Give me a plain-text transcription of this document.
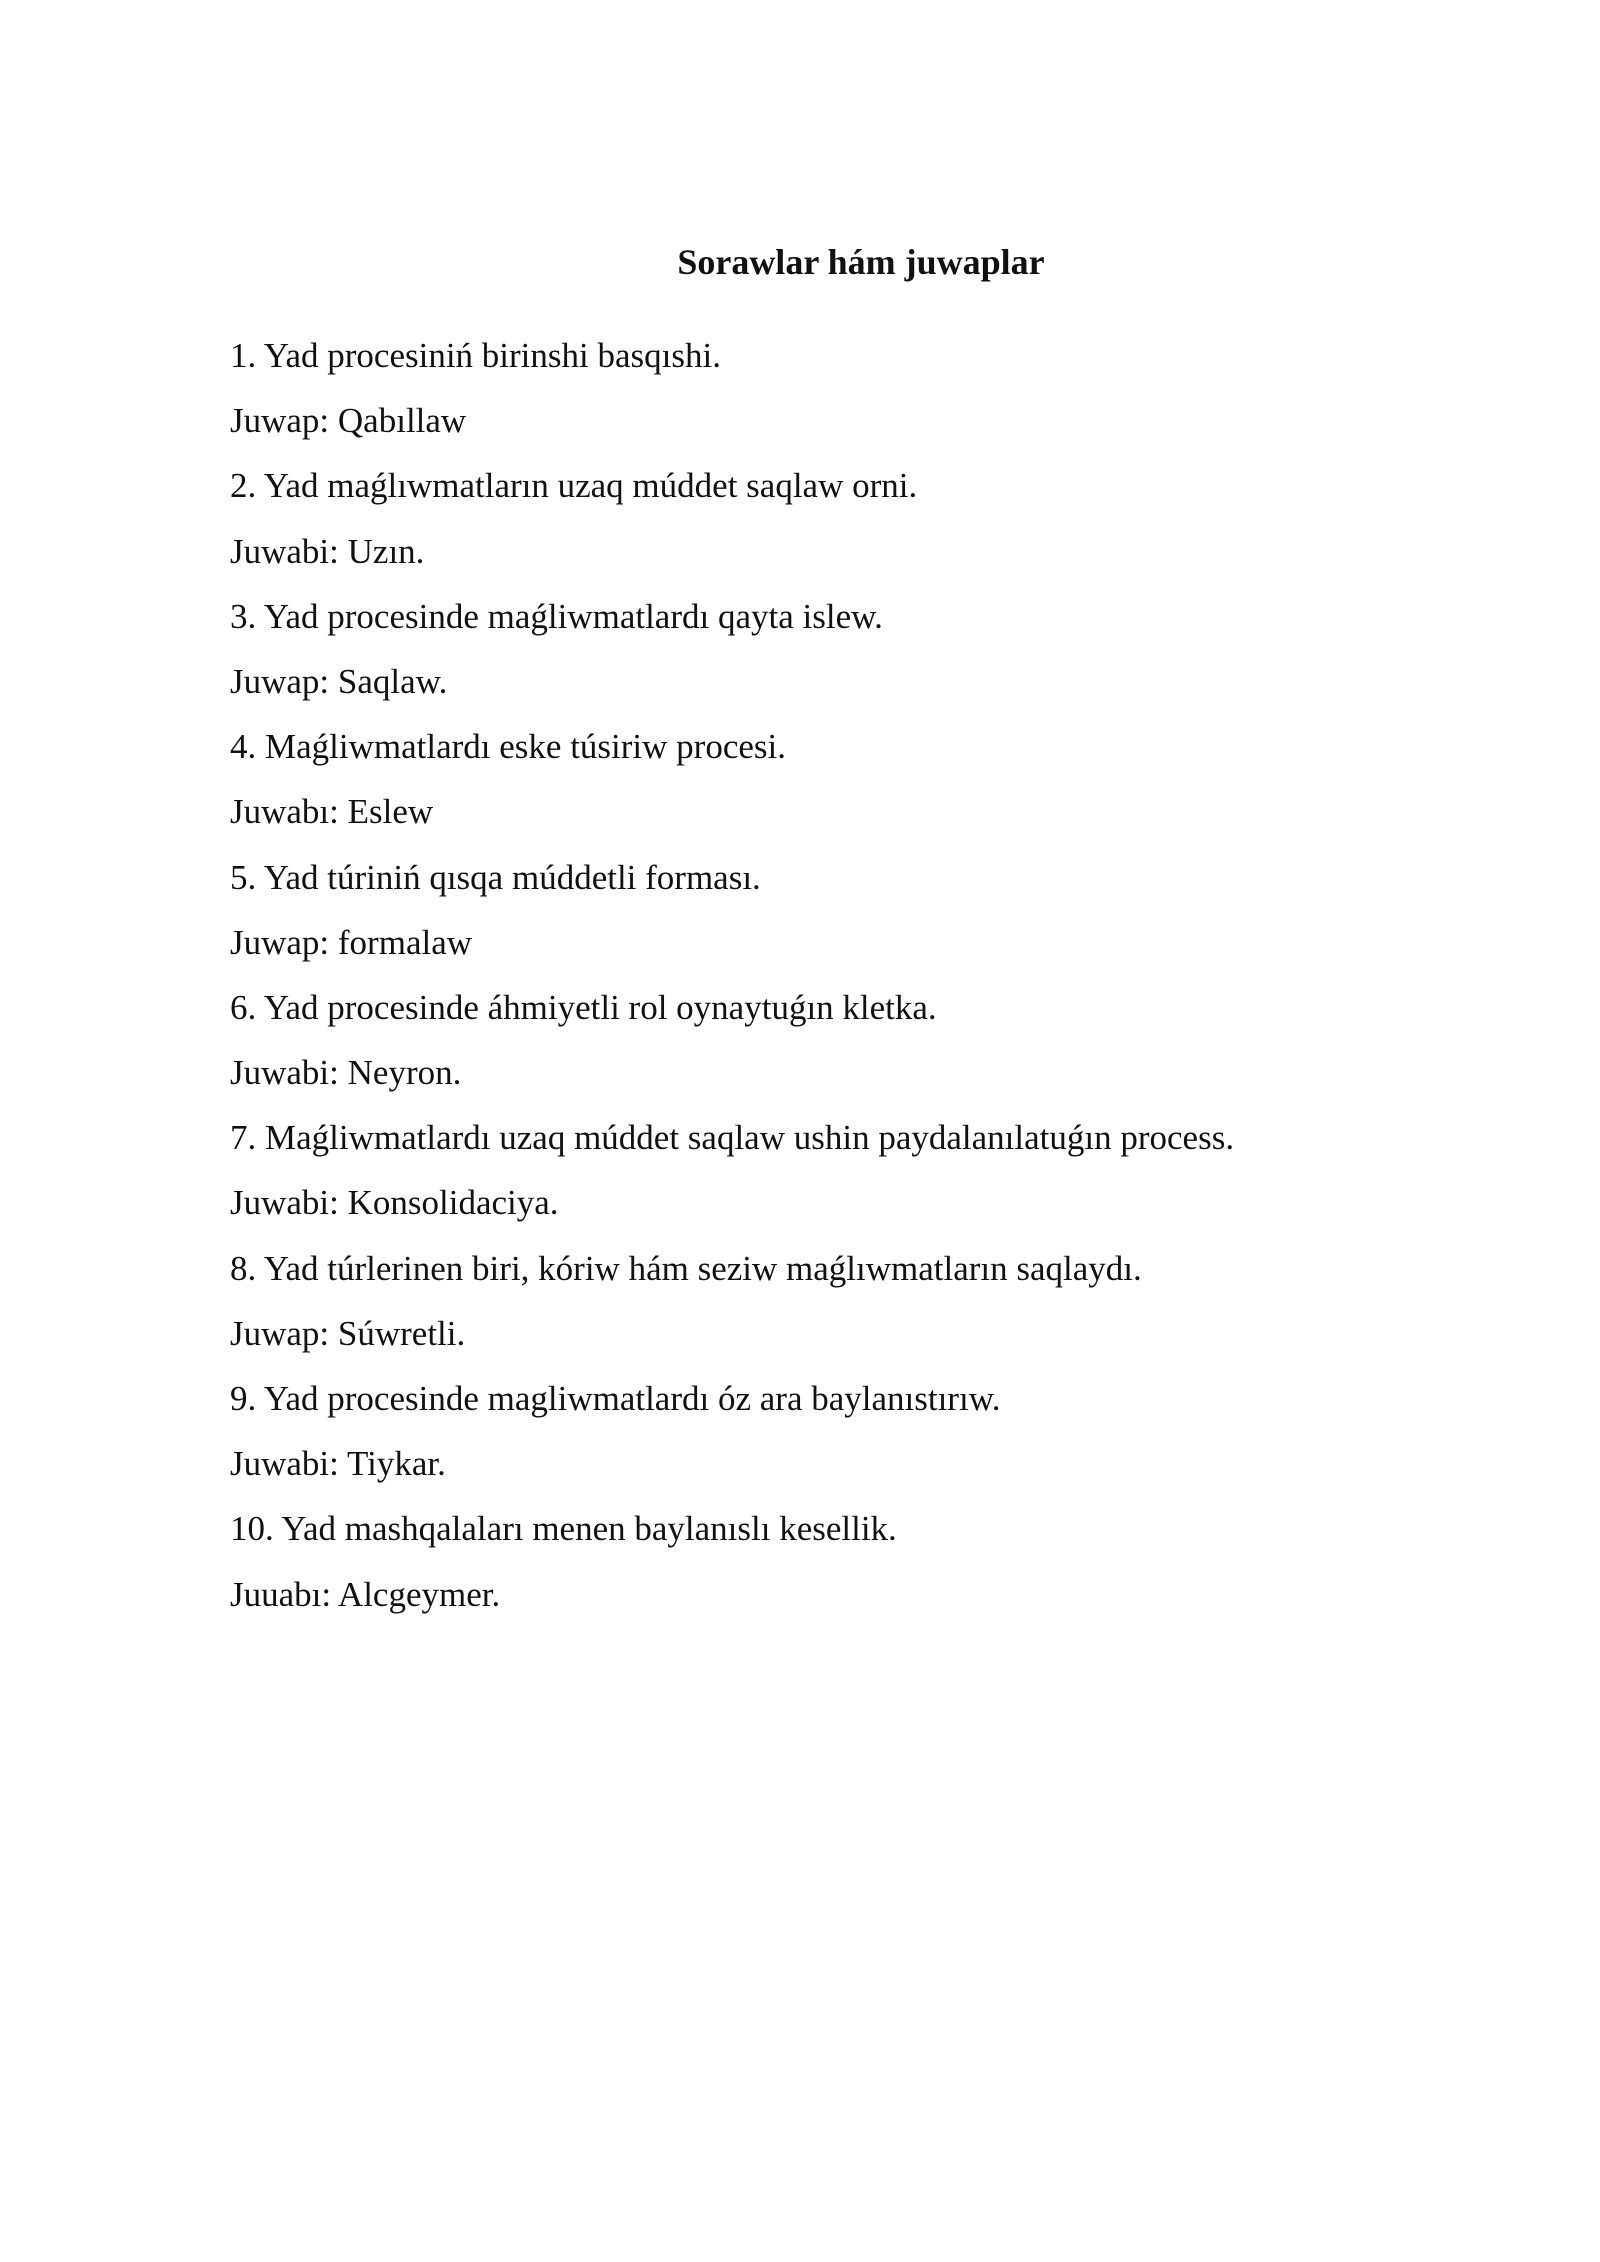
Sorawlar hám juwaplar
1. Yad procesiniń birinshi basqıshi.
Juwap: Qabıllaw
2. Yad maǵlıwmatların uzaq múddet saqlaw orni.
Juwabi: Uzın.
3. Yad procesinde maǵliwmatlardı qayta islew.
Juwap: Saqlaw.
4. Maǵliwmatlardı eske túsiriw procesi.
Juwabı: Eslew
5. Yad túriniń qısqa múddetli forması.
Juwap: formalaw
6. Yad procesinde áhmiyetli rol oynaytuǵın kletka.
Juwabi: Neyron.
7. Maǵliwmatlardı uzaq múddet saqlaw ushin paydalanılatuǵın process.
Juwabi: Konsolidaciya.
8. Yad túrlerinen biri, kóriw hám seziw maǵlıwmatların saqlaydı.
Juwap: Súwretli.
9. Yad procesinde magliwmatlardı óz ara baylanıstırıw.
Juwabi: Tiykar.
10. Yad mashqalaları menen baylanıslı kesellik.
Juuabı: Alcgeymer.
